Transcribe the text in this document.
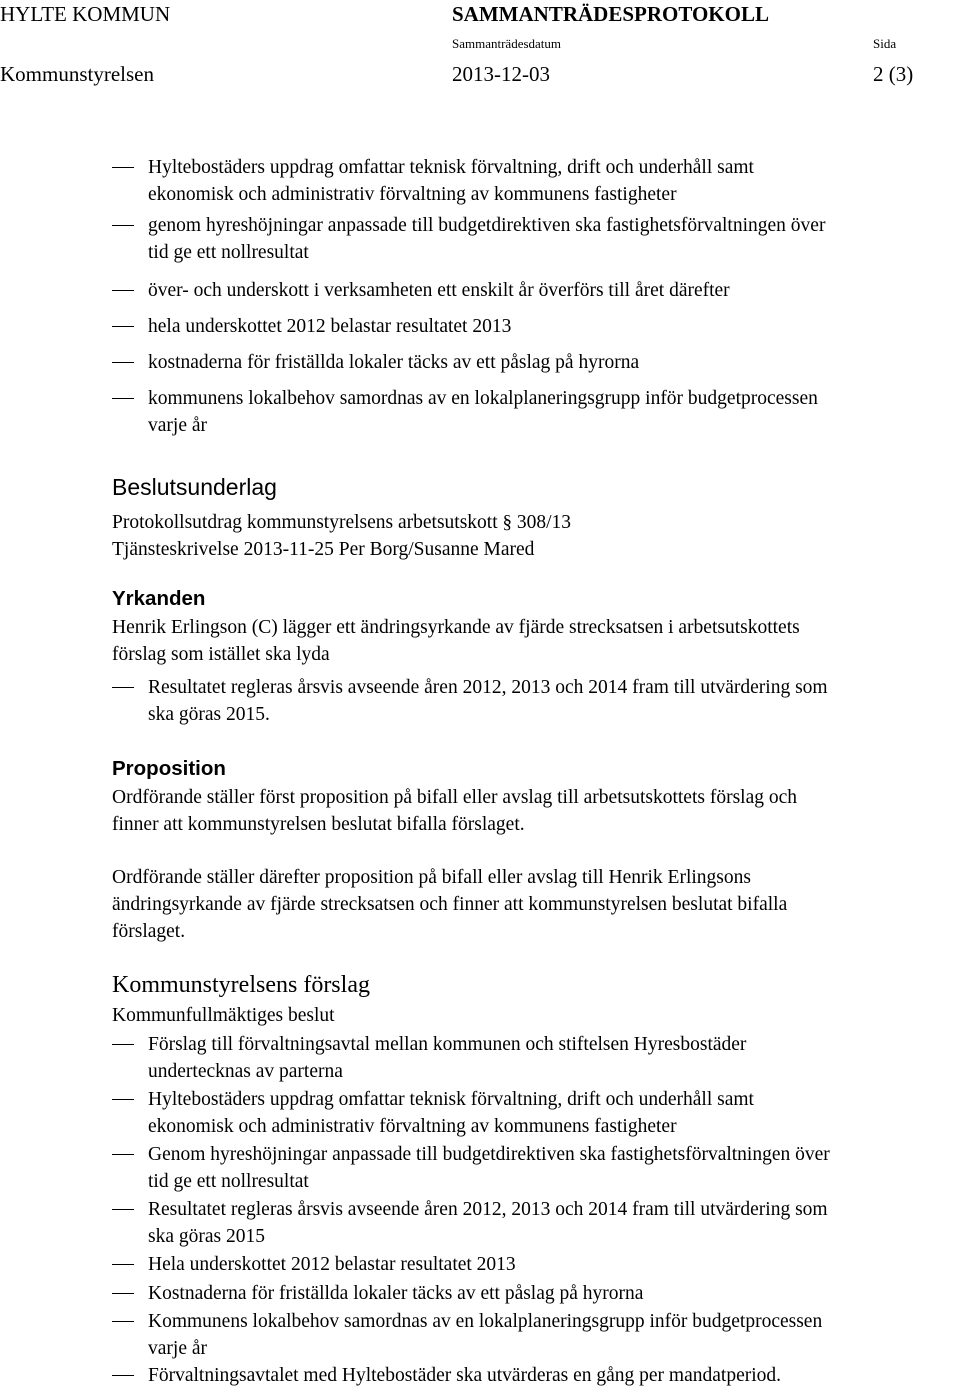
HYLTE KOMMUN	SAMMANTRÄDESPROTOKOLL
Sammanträdesdatum	Sida
Kommunstyrelsen	2013-12-03	2 (3)
Hyltebostäders uppdrag omfattar teknisk förvaltning, drift och underhåll samt
ekonomisk och administrativ förvaltning av kommunens fastigheter
genom hyreshöjningar anpassade till budgetdirektiven ska fastighetsförvaltningen över
tid ge ett nollresultat
över- och underskott i verksamheten ett enskilt år överförs till året därefter
hela underskottet 2012 belastar resultatet 2013
kostnaderna för friställda lokaler täcks av ett påslag på hyrorna
kommunens lokalbehov samordnas av en lokalplaneringsgrupp inför budgetprocessen
varje år
Beslutsunderlag
Protokollsutdrag kommunstyrelsens arbetsutskott § 308/13
Tjänsteskrivelse 2013-11-25 Per Borg/Susanne Mared
Yrkanden
Henrik Erlingson (C) lägger ett ändringsyrkande av fjärde strecksatsen i arbetsutskottets
förslag som istället ska lyda
Resultatet regleras årsvis avseende åren 2012, 2013 och 2014 fram till utvärdering som
ska göras 2015.
Proposition
Ordförande ställer först proposition på bifall eller avslag till arbetsutskottets förslag och
finner att kommunstyrelsen beslutat bifalla förslaget.
Ordförande ställer därefter proposition på bifall eller avslag till Henrik Erlingsons
ändringsyrkande av fjärde strecksatsen och finner att kommunstyrelsen beslutat bifalla
förslaget.
Kommunstyrelsens förslag
Kommunfullmäktiges beslut
Förslag till förvaltningsavtal mellan kommunen och stiftelsen Hyresbostäder
undertecknas av parterna
Hyltebostäders uppdrag omfattar teknisk förvaltning, drift och underhåll samt
ekonomisk och administrativ förvaltning av kommunens fastigheter
Genom hyreshöjningar anpassade till budgetdirektiven ska fastighetsförvaltningen över
tid ge ett nollresultat
Resultatet regleras årsvis avseende åren 2012, 2013 och 2014 fram till utvärdering som
ska göras 2015
Hela underskottet 2012 belastar resultatet 2013
Kostnaderna för friställda lokaler täcks av ett påslag på hyrorna
Kommunens lokalbehov samordnas av en lokalplaneringsgrupp inför budgetprocessen
varje år
Förvaltningsavtalet med Hyltebostäder ska utvärderas en gång per mandatperiod.
